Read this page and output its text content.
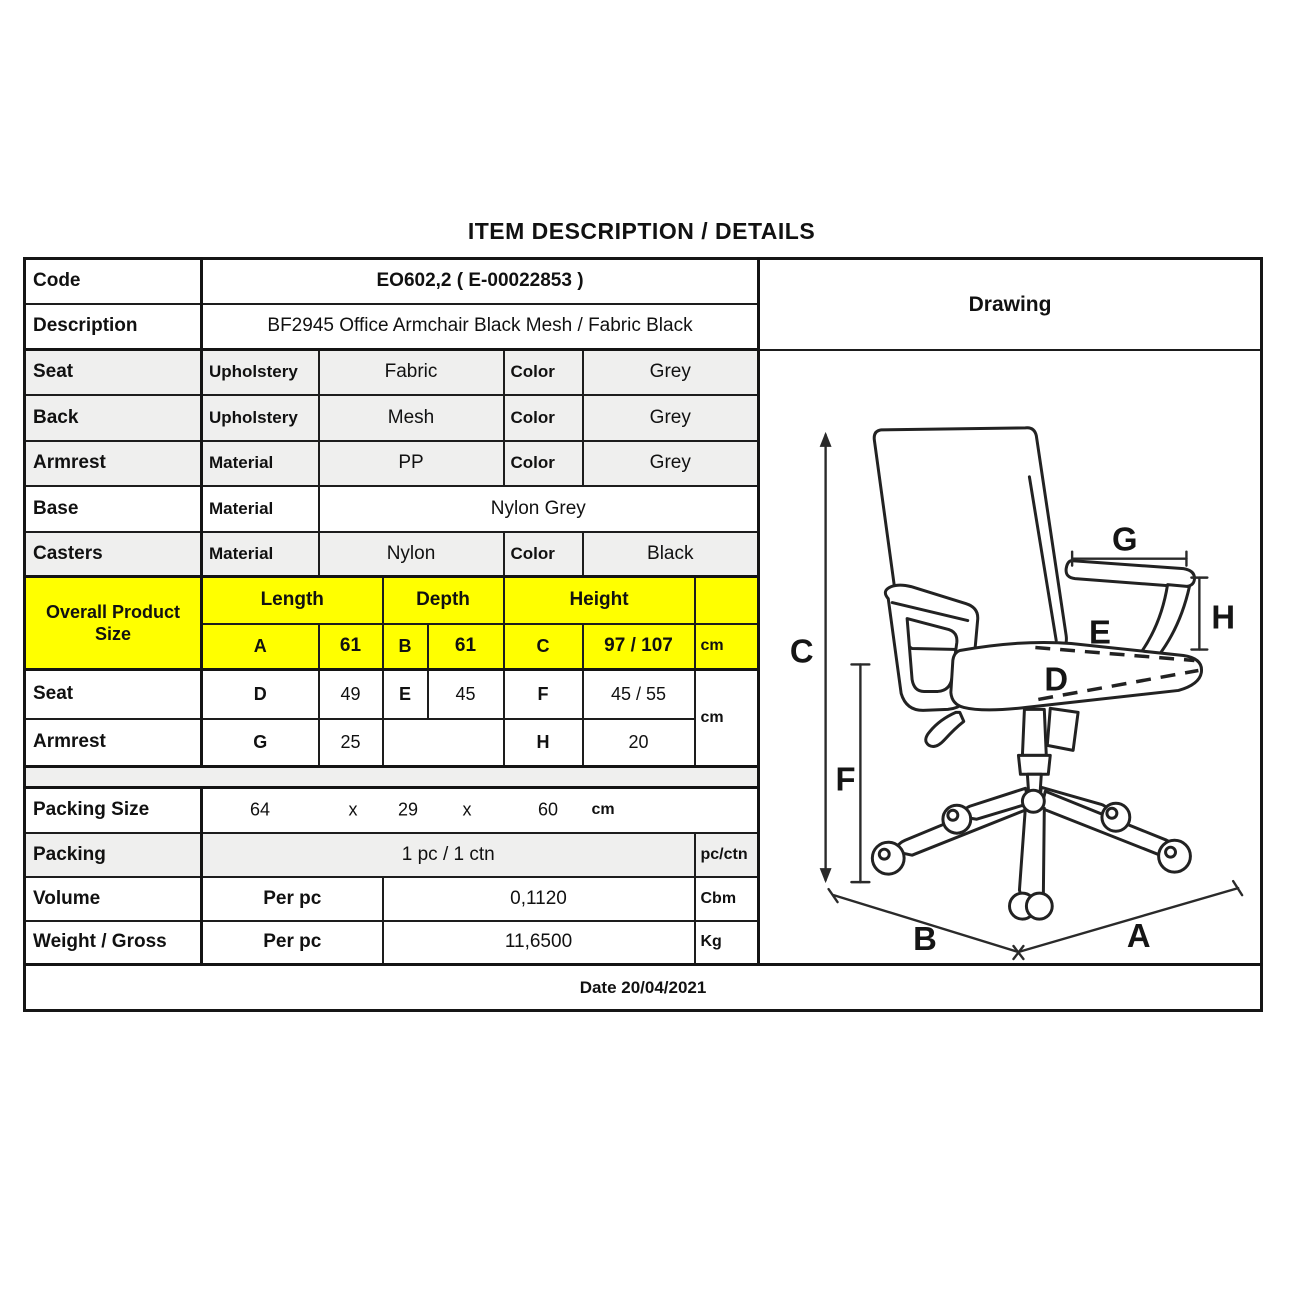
ITEM DESCRIPTION / DETAILS
Code	EO602,2 ( E-00022853 )	
Drawing
C
F
G
H
E
D
B	A

Description	BF2945 Office Armchair Black Mesh / Fabric Black							
Seat	Upholstery	Fabric			Color	Grey		
Back	Upholstery	Mesh			Color	Grey		
Armrest	Material	PP			Color	Grey		
Base	Material	Nylon Grey						
Casters	Material	Nylon			Color	Black		
Overall Product Size	Length		Depth		Height			
	A	61	B	61	C	97 / 107	cm	
Seat	D	49	E	45	F	45 / 55	cm	
Armrest	G	25			H	20		

Packing Size	64	x 29 x	60 cm

Packing	1 pc / 1 ctn						pc/ctn	
Volume	Per pc		0,1120				Cbm	
Weight / Gross	Per pc		11,6500				Kg	
Date 20/04/2021								
